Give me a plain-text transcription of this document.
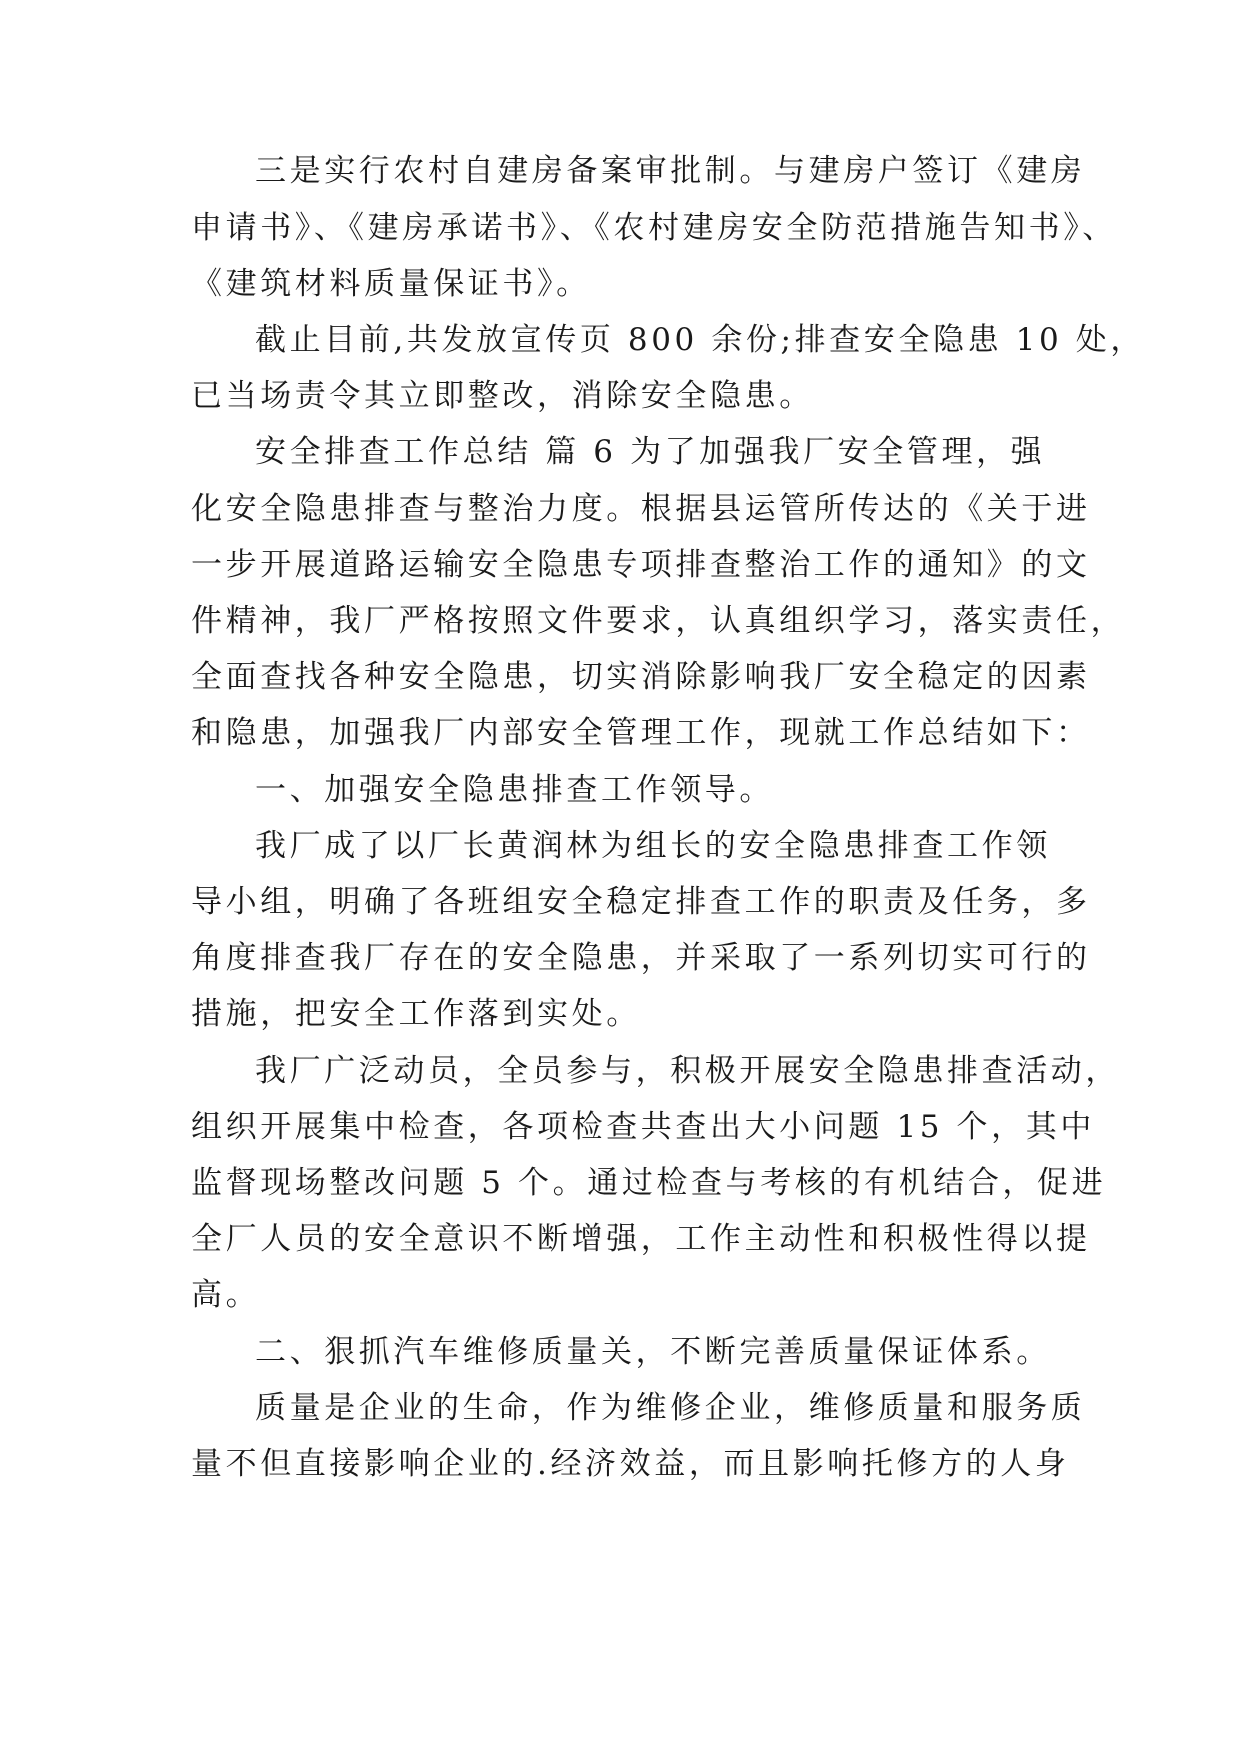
三是实行农村自建房备案审批制。与建房户签订《建房
申请书》、《建房承诺书》、《农村建房安全防范措施告知书》、
《建筑材料质量保证书》。
截止目前,共发放宣传页 800 余份;排查安全隐患 10 处，
已当场责令其立即整改，消除安全隐患。
安全排查工作总结 篇 6 为了加强我厂安全管理，强
化安全隐患排查与整治力度。根据县运管所传达的《关于进
一步开展道路运输安全隐患专项排查整治工作的通知》的文
件精神，我厂严格按照文件要求，认真组织学习，落实责任，
全面查找各种安全隐患，切实消除影响我厂安全稳定的因素
和隐患，加强我厂内部安全管理工作，现就工作总结如下：
一、加强安全隐患排查工作领导。
我厂成了以厂长黄润林为组长的安全隐患排查工作领
导小组，明确了各班组安全稳定排查工作的职责及任务，多
角度排查我厂存在的安全隐患，并采取了一系列切实可行的
措施，把安全工作落到实处。
我厂广泛动员，全员参与，积极开展安全隐患排查活动，
组织开展集中检查，各项检查共查出大小问题 15 个，其中
监督现场整改问题 5 个。通过检查与考核的有机结合，促进
全厂人员的安全意识不断增强，工作主动性和积极性得以提
高。
二、狠抓汽车维修质量关，不断完善质量保证体系。
质量是企业的生命，作为维修企业，维修质量和服务质
量不但直接影响企业的.经济效益，而且影响托修方的人身
